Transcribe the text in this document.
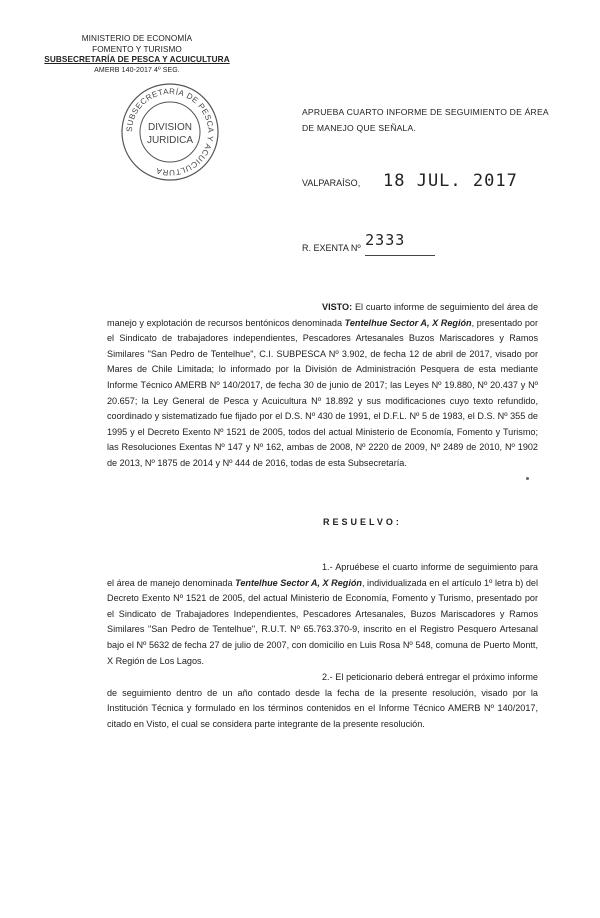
MINISTERIO DE ECONOMÍA
FOMENTO Y TURISMO
SUBSECRETARÍA DE PESCA Y ACUICULTURA
AMERB 140-2017 4º SEG.
SUBSECRETARÍA DE PESCA Y ACUICULTURA
DIVISION
JURIDICA
APRUEBA CUARTO INFORME DE SEGUIMIENTO DE ÁREA DE MANEJO QUE SEÑALA.
VALPARAÍSO, 18 JUL. 2017
R. EXENTA Nº 2333
VISTO: El cuarto informe de seguimiento del área de manejo y explotación de recursos bentónicos denominada Tentelhue Sector A, X Región, presentado por el Sindicato de trabajadores independientes, Pescadores Artesanales Buzos Mariscadores y Ramos Similares "San Pedro de Tentelhue", C.I. SUBPESCA Nº 3.902, de fecha 12 de abril de 2017, visado por Mares de Chile Limitada; lo informado por la División de Administración Pesquera de esta mediante Informe Técnico AMERB Nº 140/2017, de fecha 30 de junio de 2017; las Leyes Nº 19.880, Nº 20.437 y Nº 20.657; la Ley General de Pesca y Acuicultura Nº 18.892 y sus modificaciones cuyo texto refundido, coordinado y sistematizado fue fijado por el D.S. Nº 430 de 1991, el D.F.L. Nº 5 de 1983, el D.S. Nº 355 de 1995 y el Decreto Exento Nº 1521 de 2005, todos del actual Ministerio de Economía, Fomento y Turismo; las Resoluciones Exentas Nº 147 y Nº 162, ambas de 2008, Nº 2220 de 2009, Nº 2489 de 2010, Nº 1902 de 2013, Nº 1875 de 2014 y Nº 444 de 2016, todas de esta Subsecretaría.
RESUELVO:
1.- Apruébese el cuarto informe de seguimiento para el área de manejo denominada Tentelhue Sector A, X Región, individualizada en el artículo 1º letra b) del Decreto Exento Nº 1521 de 2005, del actual Ministerio de Economía, Fomento y Turismo, presentado por el Sindicato de Trabajadores Independientes, Pescadores Artesanales, Buzos Mariscadores y Ramos Similares "San Pedro de Tentelhue", R.U.T. Nº 65.763.370-9, inscrito en el Registro Pesquero Artesanal bajo el Nº 5632 de fecha 27 de julio de 2007, con domicilio en Luis Rosa Nº 548, comuna de Puerto Montt, X Región de Los Lagos.
2.- El peticionario deberá entregar el próximo informe de seguimiento dentro de un año contado desde la fecha de la presente resolución, visado por la Institución Técnica y formulado en los términos contenidos en el Informe Técnico AMERB Nº 140/2017, citado en Visto, el cual se considera parte integrante de la presente resolución.
